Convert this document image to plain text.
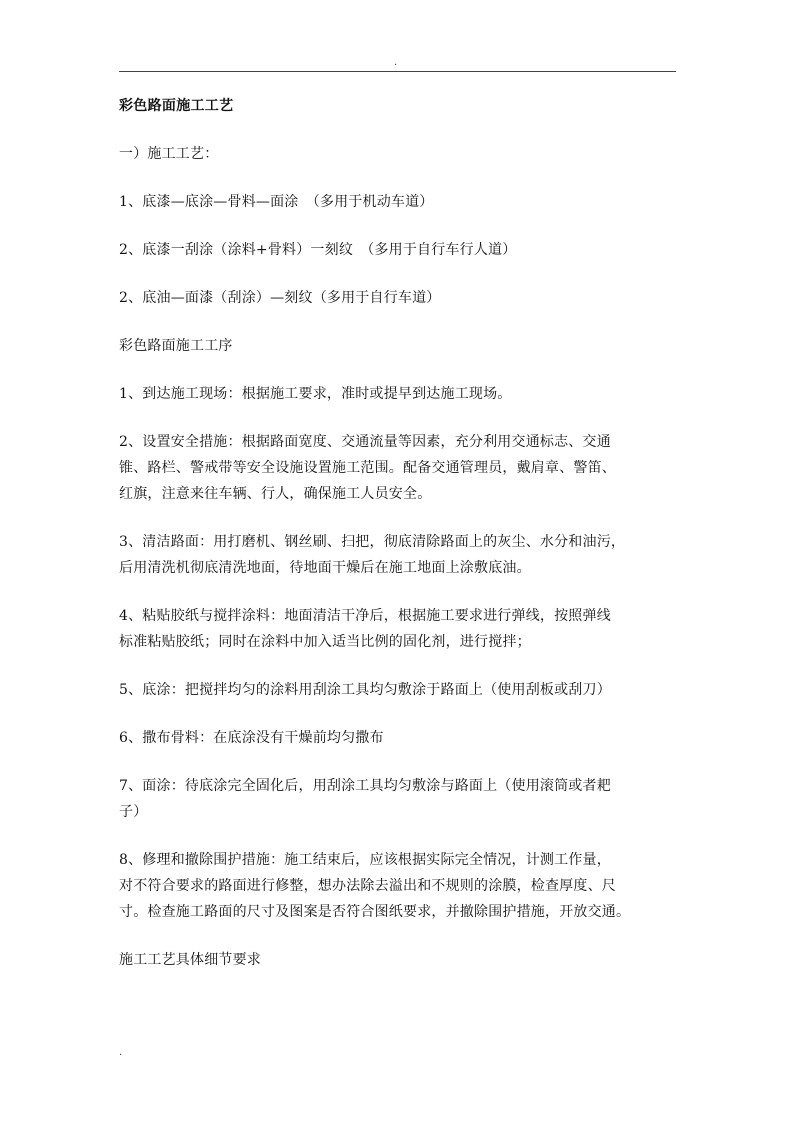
.

彩色路面施工工艺

一）施工工艺：

1、底漆—底涂—骨料—面涂　（多用于机动车道）

2、底漆一刮涂（涂料+骨料）一刻纹　（多用于自行车行人道）

2、底油—面漆（刮涂）—刻纹（多用于自行车道）

彩色路面施工工序

1、到达施工现场：根据施工要求，准时或提早到达施工现场。

2、设置安全措施：根据路面宽度、交通流量等因素，充分利用交通标志、交通

锥、路栏、警戒带等安全设施设置施工范围。配备交通管理员，戴肩章、警笛、

红旗，注意来往车辆、行人，确保施工人员安全。

3、清洁路面：用打磨机、钢丝刷、扫把，彻底清除路面上的灰尘、水分和油污，

后用清洗机彻底清洗地面，待地面干燥后在施工地面上涂敷底油。

4、粘贴胶纸与搅拌涂料：地面清洁干净后，根据施工要求进行弹线，按照弹线

标准粘贴胶纸；同时在涂料中加入适当比例的固化剂，进行搅拌；

5、底涂：把搅拌均匀的涂料用刮涂工具均匀敷涂于路面上（使用刮板或刮刀）

6、撒布骨料：在底涂没有干燥前均匀撒布

7、面涂：待底涂完全固化后，用刮涂工具均匀敷涂与路面上（使用滚筒或者耙

子）

8、修理和撤除围护措施：施工结束后，应该根据实际完全情况，计测工作量，

对不符合要求的路面进行修整，想办法除去溢出和不规则的涂膜，检查厚度、尺

寸。检查施工路面的尺寸及图案是否符合图纸要求，并撤除围护措施，开放交通。

施工工艺具体细节要求

.
